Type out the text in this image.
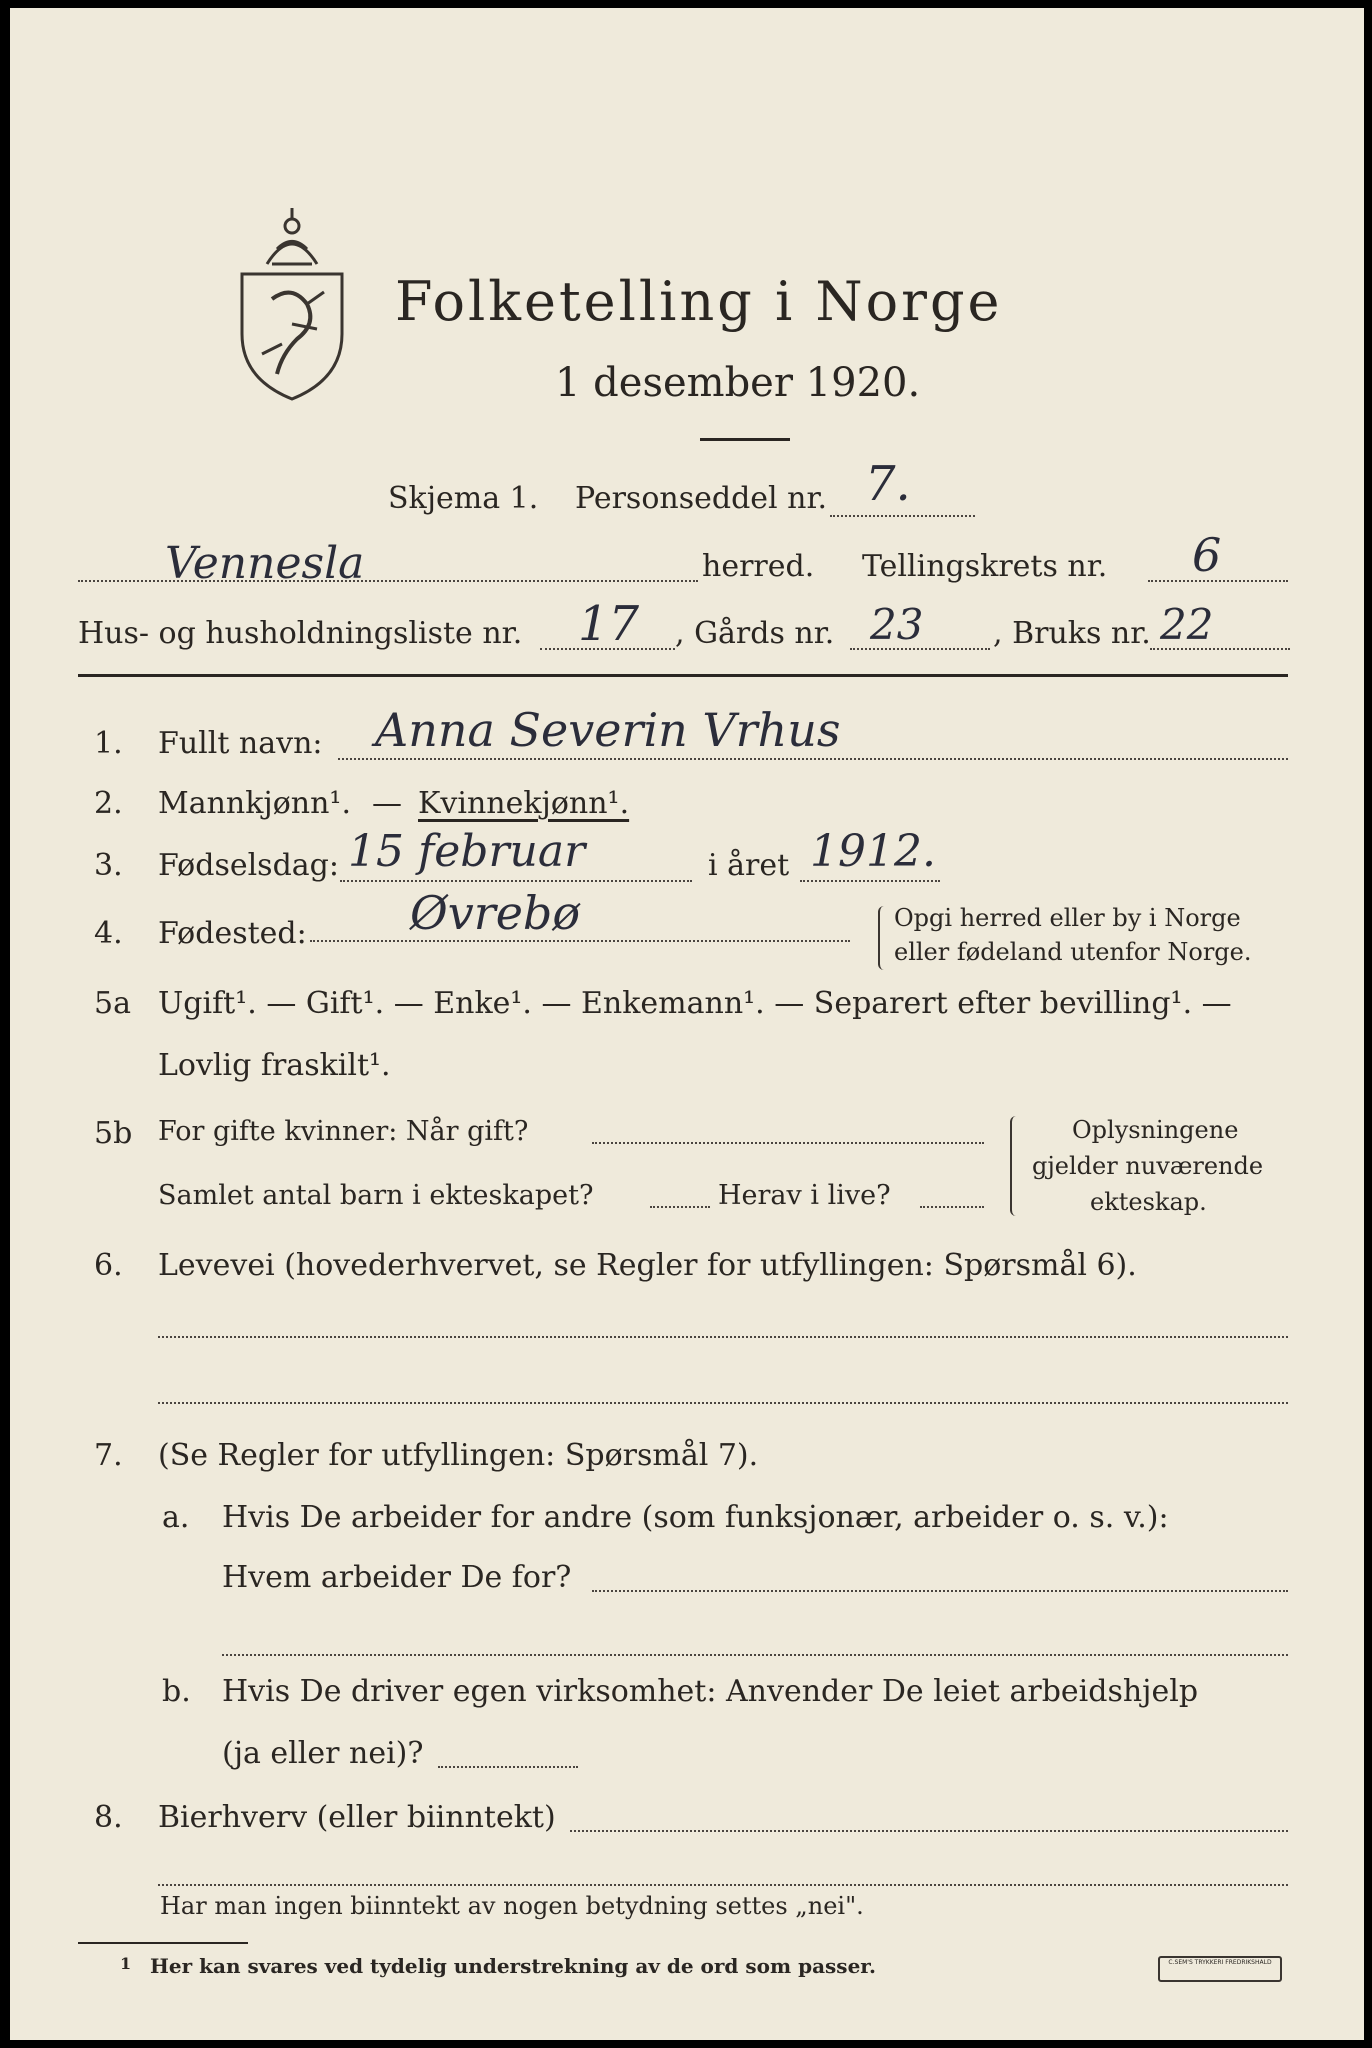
Folketelling i Norge
1 desember 1920.
Skjema 1. Personseddel nr. 7.
Vennesla	herred. Tellingskrets nr. 6
Hus- og husholdningsliste nr. 17 , Gårds nr. 23 , Bruks nr. 22
1. Fullt navn: Anna Severin Vrhus
2. Mannkjønn¹. — Kvinnekjønn¹.
3. Fødselsdag: 15 februar	i året 1912.
4. Fødested: Øvrebø	Opgi herred eller by i Norge
eller fødeland utenfor Norge.
5a Ugift¹. — Gift¹. — Enke¹. — Enkemann¹. — Separert efter bevilling¹. —
Lovlig fraskilt¹.
5b For gifte kvinner: Når gift?
Samlet antal barn i ekteskapet?	Herav i live?
Oplysningene
gjelder nuværende
ekteskap.
6. Levevei (hovederhvervet, se Regler for utfyllingen: Spørsmål 6).
7. (Se Regler for utfyllingen: Spørsmål 7).
a. Hvis De arbeider for andre (som funksjonær, arbeider o. s. v.):
Hvem arbeider De for?
b. Hvis De driver egen virksomhet: Anvender De leiet arbeidshjelp
(ja eller nei)?
8. Bierhverv (eller biinntekt)
Har man ingen biinntekt av nogen betydning settes „nei".
1 Her kan svares ved tydelig understrekning av de ord som passer.	C.SEM'S TRYKKERI FREDRIKSHALD
